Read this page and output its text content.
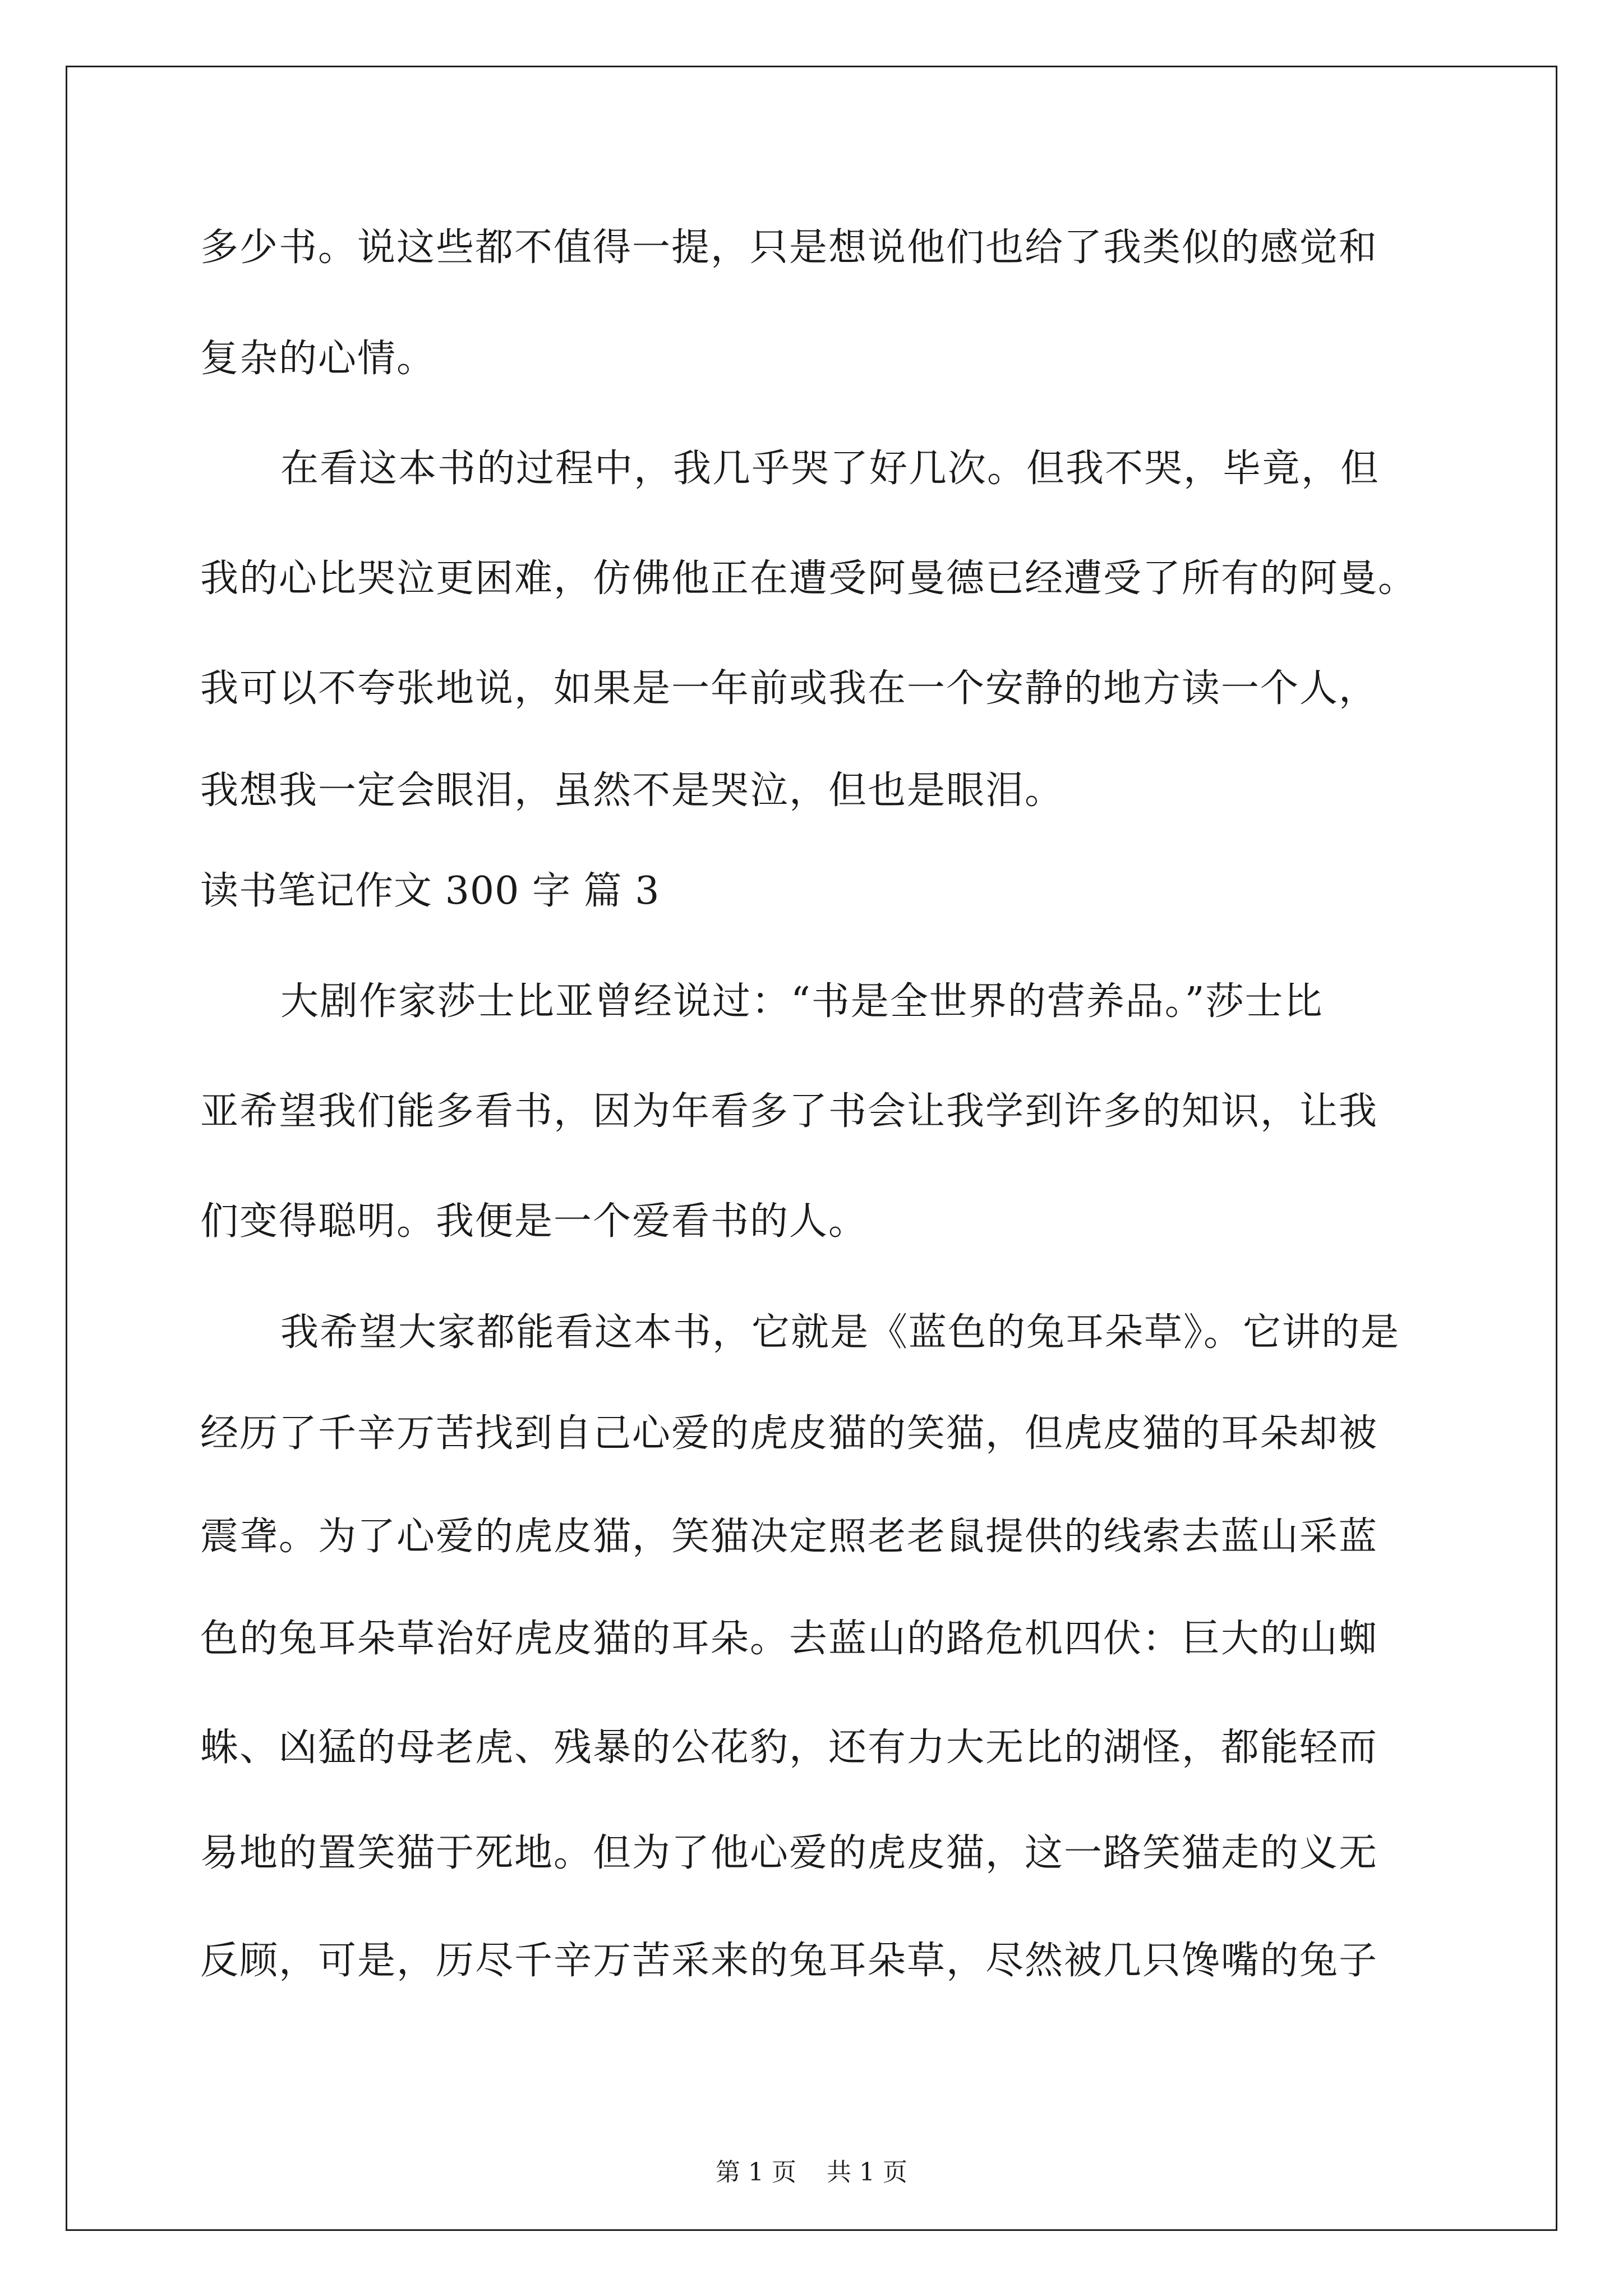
多少书。说这些都不值得一提，只是想说他们也给了我类似的感觉和
复杂的心情。
在看这本书的过程中，我几乎哭了好几次。但我不哭，毕竟，但
我的心比哭泣更困难，仿佛他正在遭受阿曼德已经遭受了所有的阿曼。
我可以不夸张地说，如果是一年前或我在一个安静的地方读一个人，
我想我一定会眼泪，虽然不是哭泣，但也是眼泪。
读书笔记作文 300 字 篇 3
大剧作家莎士比亚曾经说过：“书是全世界的营养品。”莎士比
亚希望我们能多看书，因为年看多了书会让我学到许多的知识，让我
们变得聪明。我便是一个爱看书的人。
我希望大家都能看这本书，它就是《蓝色的兔耳朵草》。它讲的是
经历了千辛万苦找到自己心爱的虎皮猫的笑猫，但虎皮猫的耳朵却被
震聋。为了心爱的虎皮猫，笑猫决定照老老鼠提供的线索去蓝山采蓝
色的兔耳朵草治好虎皮猫的耳朵。去蓝山的路危机四伏：巨大的山蜘
蛛、凶猛的母老虎、残暴的公花豹，还有力大无比的湖怪，都能轻而
易地的置笑猫于死地。但为了他心爱的虎皮猫，这一路笑猫走的义无
反顾，可是，历尽千辛万苦采来的兔耳朵草，尽然被几只馋嘴的兔子
第 1 页 共 1 页
